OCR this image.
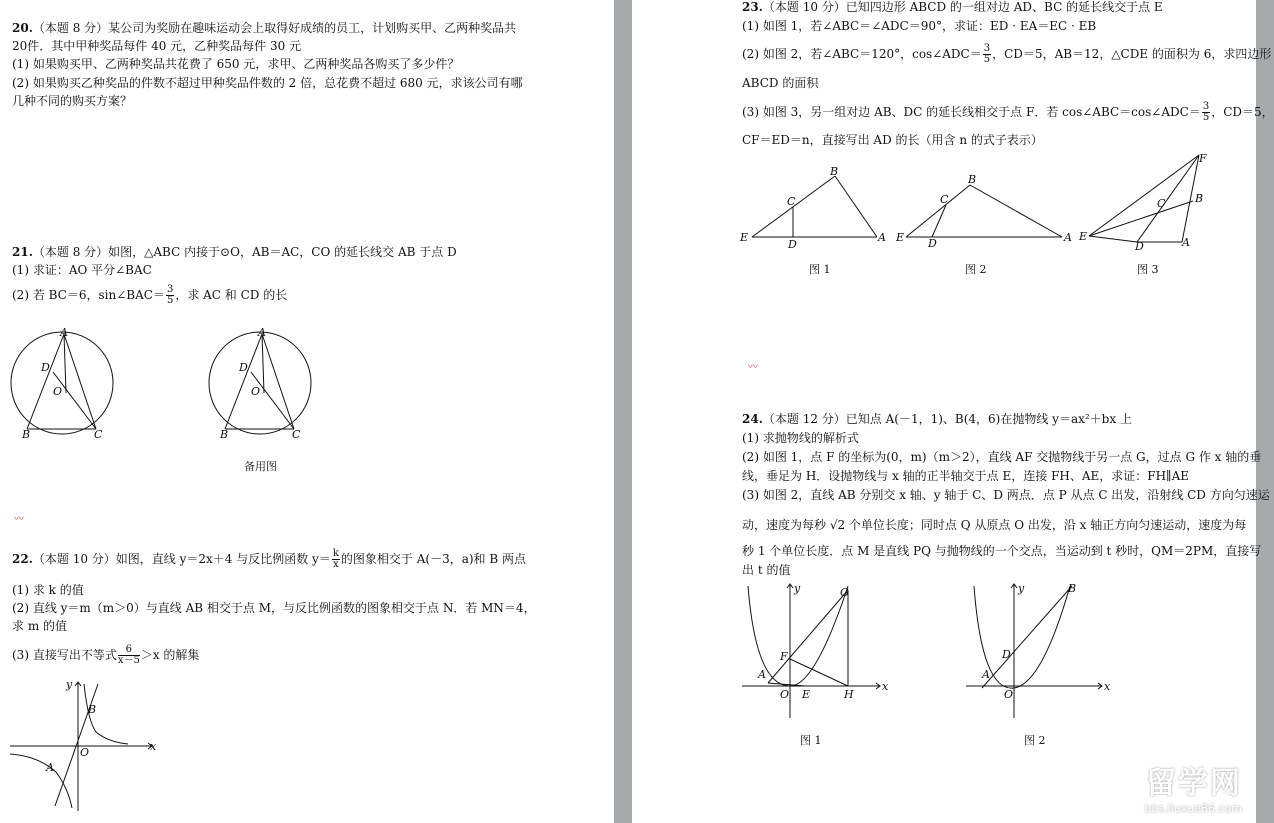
20.（本题 8 分）某公司为奖励在趣味运动会上取得好成绩的员工，计划购买甲、乙两种奖品共
20件．其中甲种奖品每件 40 元，乙种奖品每件 30 元
(1) 如果购买甲、乙两种奖品共花费了 650 元，求甲、乙两种奖品各购买了多少件？
(2) 如果购买乙种奖品的件数不超过甲种奖品件数的 2 倍，总花费不超过 680 元，求该公司有哪
几种不同的购买方案？
21.（本题 8 分）如图，△ABC 内接于⊙O，AB＝AC，CO 的延长线交 AB 于点 D
(1) 求证：AO 平分∠BAC
(2) 若 BC＝6，sin∠BAC＝ $\frac{3}{5}$ ，求 AC 和 CD 的长
A
D
O
B	C
A
D
O
B	C
备用图
〰
22.（本题 10 分）如图，直线 y＝2x＋4 与反比例函数 $y= \frac{k}{x}$ 的图象相交于 A(－3，a)和 B 两点
(1) 求 k 的值
(2) 直线 y＝m（m＞0）与直线 AB 相交于点 M，与反比例函数的图象相交于点 N．若 MN＝4，
求 m 的值
(3) 直接写出不等式 $\frac{6}{x-5} >x$ 的解集
x
y
O
B
A
23.（本题 10 分）已知四边形 ABCD 的一组对边 AD、BC 的延长线交于点 E
(1) 如图 1，若∠ABC＝∠ADC＝90°，求证：ED · EA＝EC · EB
(2) 如图 2，若∠ABC＝120°，cos∠ADC＝ $\frac{3}{5}$ ，CD＝5，AB＝12，△CDE 的面积为 6，求四边形
ABCD 的面积
(3) 如图 3，另一组对边 AB、DC 的延长线相交于点 F．若 cos∠ABC＝cos∠ADC＝ $\frac{3}{5}$ ，CD＝5，
CF＝ED＝n，直接写出 AD 的长（用含 n 的式子表示）
E
C
B
D
A
图 1
E
C
B
D	A
图 2
E
F
C	B
D	A
图 3
〰
24.（本题 12 分）已知点 A(－1，1)、B(4，6)在抛物线 y＝ax²＋bx 上
(1) 求抛物线的解析式
(2) 如图 1，点 F 的坐标为(0，m)（m＞2），直线 AF 交抛物线于另一点 G，过点 G 作 x 轴的垂
线，垂足为 H．设抛物线与 x 轴的正半轴交于点 E，连接 FH、AE，求证：FH∥AE
(3) 如图 2，直线 AB 分别交 x 轴、y 轴于 C、D 两点．点 P 从点 C 出发，沿射线 CD 方向匀速运
动，速度为每秒 √2 个单位长度；同时点 Q 从原点 O 出发，沿 x 轴正方向匀速运动，速度为每
秒 1 个单位长度．点 M 是直线 PQ 与抛物线的一个交点，当运动到 t 秒时，QM＝2PM，直接写
出 t 的值
x
y	G
F
A
O E	H
图 1
x
y	B
D
A
O
图 2
留学网
bbs.liuxue86.com
